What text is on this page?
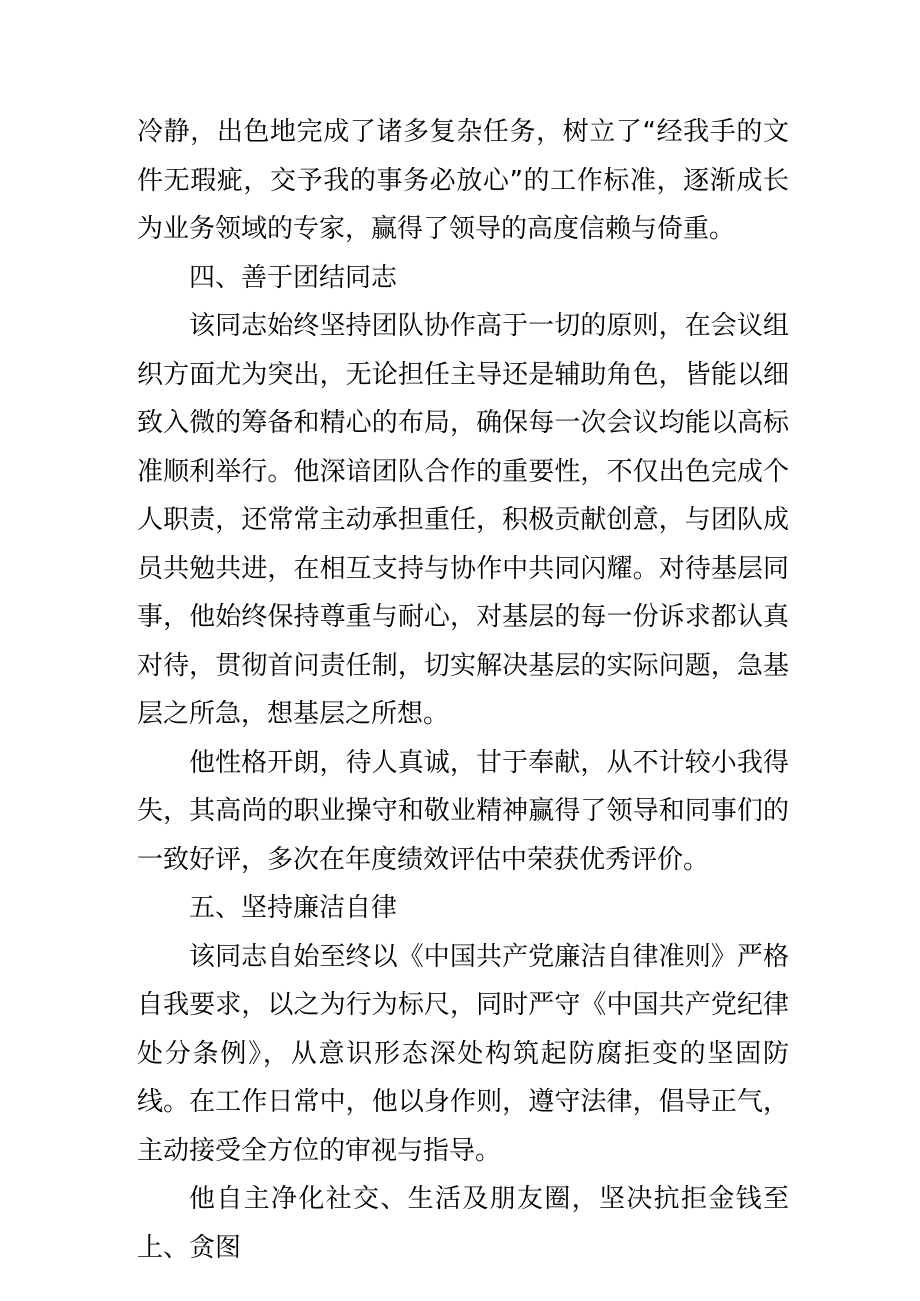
冷静，出色地完成了诸多复杂任务，树立了“经我手的文件无瑕疵，交予我的事务必放心”的工作标准，逐渐成长为业务领域的专家，赢得了领导的高度信赖与倚重。

四、善于团结同志

该同志始终坚持团队协作高于一切的原则，在会议组织方面尤为突出，无论担任主导还是辅助角色，皆能以细致入微的筹备和精心的布局，确保每一次会议均能以高标准顺利举行。他深谙团队合作的重要性，不仅出色完成个人职责，还常常主动承担重任，积极贡献创意，与团队成员共勉共进，在相互支持与协作中共同闪耀。对待基层同事，他始终保持尊重与耐心，对基层的每一份诉求都认真对待，贯彻首问责任制，切实解决基层的实际问题，急基层之所急，想基层之所想。

他性格开朗，待人真诚，甘于奉献，从不计较小我得失，其高尚的职业操守和敬业精神赢得了领导和同事们的一致好评，多次在年度绩效评估中荣获优秀评价。

五、坚持廉洁自律

该同志自始至终以《中国共产党廉洁自律准则》严格自我要求，以之为行为标尺，同时严守《中国共产党纪律处分条例》，从意识形态深处构筑起防腐拒变的坚固防线。在工作日常中，他以身作则，遵守法律，倡导正气，主动接受全方位的审视与指导。

他自主净化社交、生活及朋友圈，坚决抗拒金钱至上、贪图
